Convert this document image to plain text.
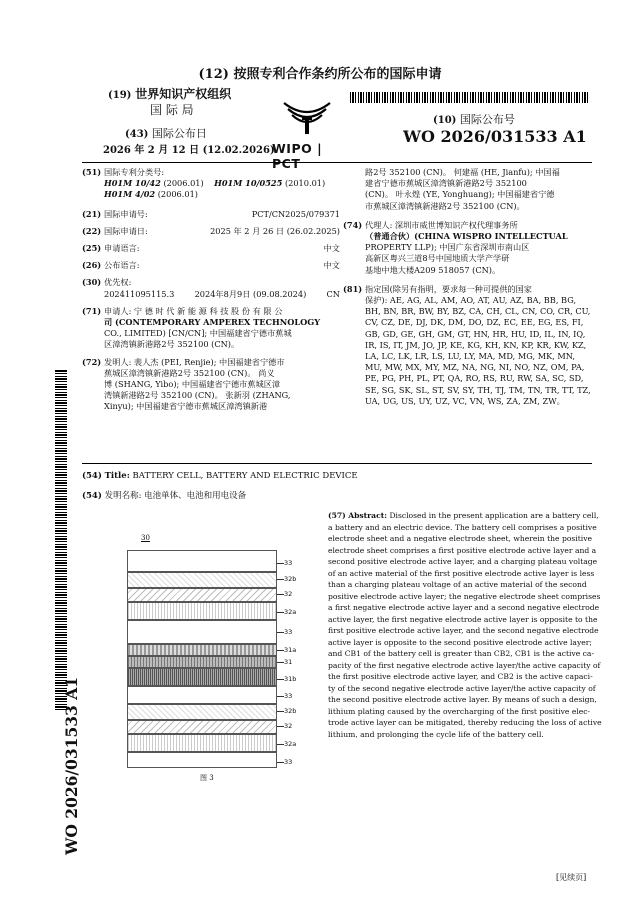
(12) 按照专利合作条约所公布的国际申请
(19) 世界知识产权组织
国 际 局
(43) 国际公布日
2026 年 2 月 12 日 (12.02.2026)
WIPO | PCT
(10) 国际公布号
WO 2026/031533 A1
(51) 国际专利分类号:
H01M 10/42 (2006.01) H01M 10/0525 (2010.01)
H01M 4/02 (2006.01)
(21) 国际申请号:	PCT/CN2025/079371
(22) 国际申请日:	2025 年 2 月 26 日 (26.02.2025)
(25) 申请语言:	中文
(26) 公布语言:	中文
(30) 优先权:
202411095115.3 2024年8月9日 (09.08.2024) CN
(71) 申请人: 宁 德 时 代 新 能 源 科 技 股 份 有 限 公
司 (CONTEMPORARY AMPEREX TECHNOLOGY
CO., LIMITED) [CN/CN]; 中国福建省宁德市蕉城
区漳湾镇新港路2号 352100 (CN)。
(72) 发明人: 裴人杰 (PEI, Renjie); 中国福建省宁德市
蕉城区漳湾镇新港路2号 352100 (CN)。 尚义
博 (SHANG, Yibo); 中国福建省宁德市蕉城区漳
湾镇新港路2号 352100 (CN)。 张新羽 (ZHANG,
Xinyu); 中国福建省宁德市蕉城区漳湾镇新港
路2号 352100 (CN)。 何建福 (HE, Jianfu); 中国福
建省宁德市蕉城区漳湾镇新港路2号 352100
(CN)。 叶永煌 (YE, Yonghuang); 中国福建省宁德
市蕉城区漳湾镇新港路2号 352100 (CN)。
(74) 代理人: 深圳市威世博知识产权代理事务所
（普通合伙）(CHINA WISPRO INTELLECTUAL
PROPERTY LLP); 中国广东省深圳市南山区
高新区粤兴三道8号中国地质大学产学研
基地中地大楼A209 518057 (CN)。
(81) 指定国(除另有指明，要求每一种可提供的国家
保护): AE, AG, AL, AM, AO, AT, AU, AZ, BA, BB, BG,
BH, BN, BR, BW, BY, BZ, CA, CH, CL, CN, CO, CR, CU,
CV, CZ, DE, DJ, DK, DM, DO, DZ, EC, EE, EG, ES, FI,
GB, GD, GE, GH, GM, GT, HN, HR, HU, ID, IL, IN, IQ,
IR, IS, IT, JM, JO, JP, KE, KG, KH, KN, KP, KR, KW, KZ,
LA, LC, LK, LR, LS, LU, LY, MA, MD, MG, MK, MN,
MU, MW, MX, MY, MZ, NA, NG, NI, NO, NZ, OM, PA,
PE, PG, PH, PL, PT, QA, RO, RS, RU, RW, SA, SC, SD,
SE, SG, SK, SL, ST, SV, SY, TH, TJ, TM, TN, TR, TT, TZ,
UA, UG, US, UY, UZ, VC, VN, WS, ZA, ZM, ZW。
(54) Title: BATTERY CELL, BATTERY AND ELECTRIC DEVICE
(54) 发明名称: 电池单体、电池和用电设备
30
33
32b
32
32a
33
31a
31
31b
33
32b
32
32a
33
图 3
(57) Abstract: Disclosed in the present application are a battery cell,
a battery and an electric device. The battery cell comprises a positive
electrode sheet and a negative electrode sheet, wherein the positive
electrode sheet comprises a first positive electrode active layer and a
second positive electrode active layer, and a charging plateau voltage
of an active material of the first positive electrode active layer is less
than a charging plateau voltage of an active material of the second
positive electrode active layer; the negative electrode sheet comprises
a first negative electrode active layer and a second negative electrode
active layer, the first negative electrode active layer is opposite to the
first positive electrode active layer, and the second negative electrode
active layer is opposite to the second positive electrode active layer;
and CB1 of the battery cell is greater than CB2, CB1 is the active ca-
pacity of the first negative electrode active layer/the active capacity of
the first positive electrode active layer, and CB2 is the active capaci-
ty of the second negative electrode active layer/the active capacity of
the second positive electrode active layer. By means of such a design,
lithium plating caused by the overcharging of the first positive elec-
trode active layer can be mitigated, thereby reducing the loss of active
lithium, and prolonging the cycle life of the battery cell.
WO 2026/031533 A1
[见续页]
